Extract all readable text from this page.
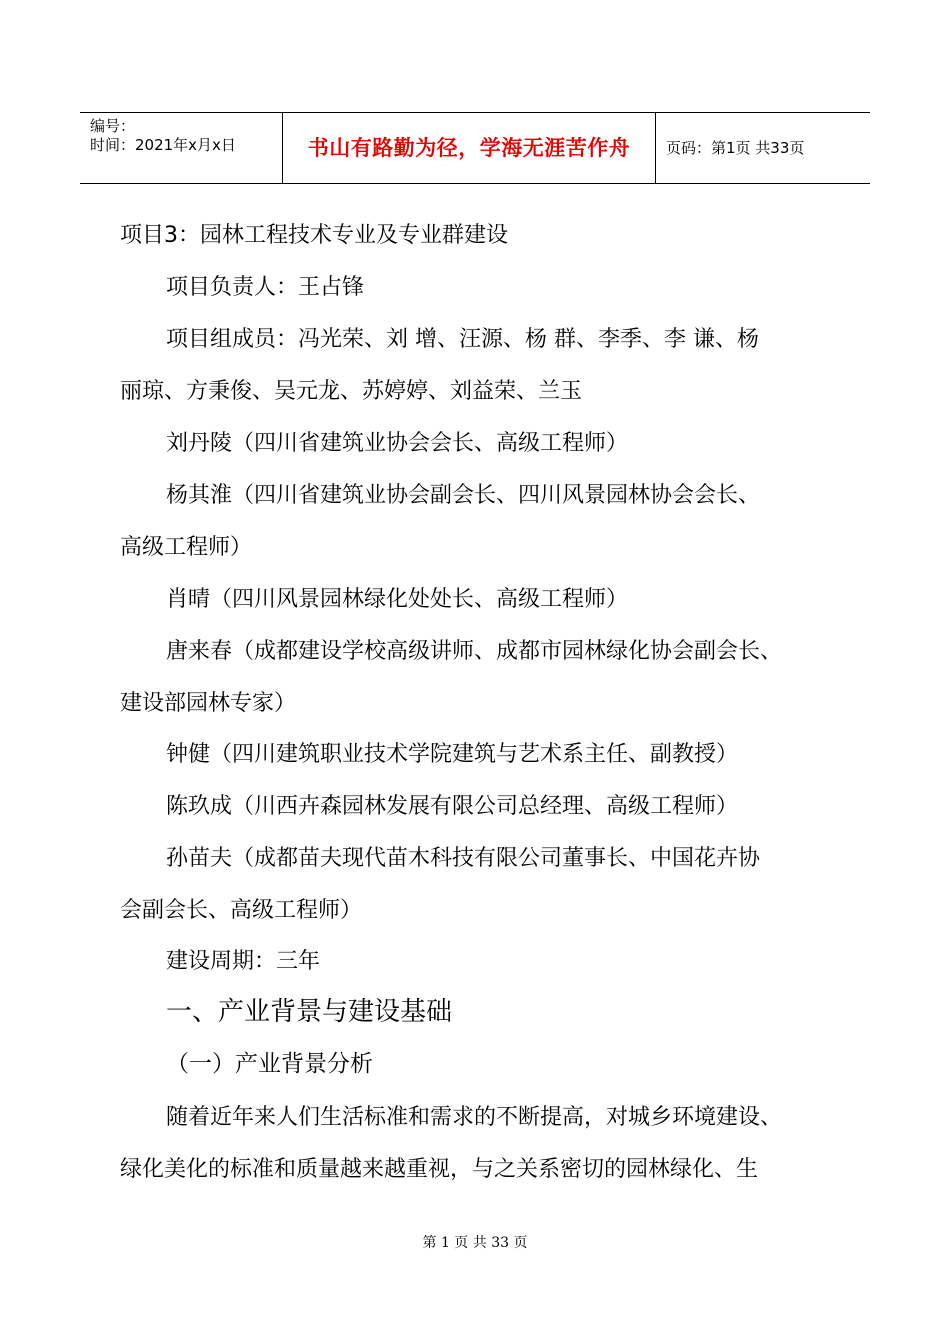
编号：
时间：2021年x月x日	书山有路勤为径，学海无涯苦作舟	页码：第1页 共33页
项目3：园林工程技术专业及专业群建设
项目负责人：王占锋
项目组成员：冯光荣、刘 增、汪源、杨 群、李季、李 谦、杨
丽琼、方秉俊、吴元龙、苏婷婷、刘益荣、兰玉
刘丹陵（四川省建筑业协会会长、高级工程师）
杨其淮（四川省建筑业协会副会长、四川风景园林协会会长、
高级工程师）
肖晴（四川风景园林绿化处处长、高级工程师）
唐来春（成都建设学校高级讲师、成都市园林绿化协会副会长、
建设部园林专家）
钟健（四川建筑职业技术学院建筑与艺术系主任、副教授）
陈玖成（川西卉森园林发展有限公司总经理、高级工程师）
孙苗夫（成都苗夫现代苗木科技有限公司董事长、中国花卉协
会副会长、高级工程师）
建设周期：三年
一、产业背景与建设基础
（一）产业背景分析
随着近年来人们生活标准和需求的不断提高，对城乡环境建设、
绿化美化的标准和质量越来越重视，与之关系密切的园林绿化、生
第 1 页 共 33 页
